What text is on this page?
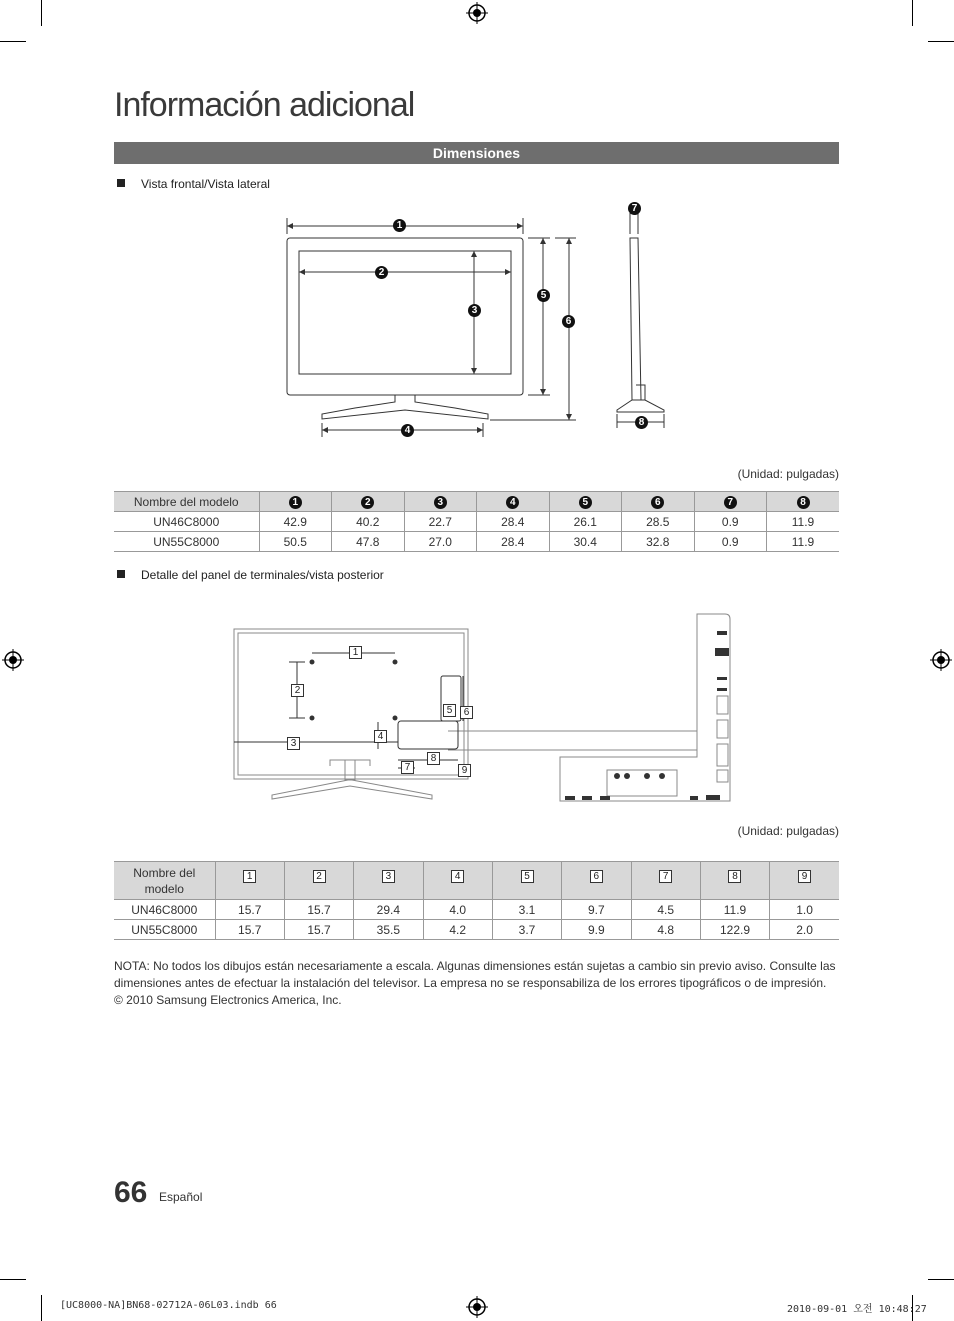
Información adicional
Dimensiones
Vista frontal/Vista lateral
1
2
3
4
5
6
7
8
(Unidad: pulgadas)
Nombre del modelo	1	2	3	4	5	6	7	8
UN46C8000	42.9	40.2	22.7	28.4	26.1	28.5	0.9	11.9
UN55C8000	50.5	47.8	27.0	28.4	30.4	32.8	0.9	11.9
Detalle del panel de terminales/vista posterior
1
2
3
4
5	6
7
8
9
(Unidad: pulgadas)
Nombre del modelo	1	2	3	4	5	6	7	8	9
UN46C8000	15.7	15.7	29.4	4.0	3.1	9.7	4.5	11.9	1.0
UN55C8000	15.7	15.7	35.5	4.2	3.7	9.9	4.8	122.9	2.0
NOTA: No todos los dibujos están necesariamente a escala. Algunas dimensiones están sujetas a cambio sin previo aviso. Consulte las
dimensiones antes de efectuar la instalación del televisor. La empresa no se responsabiliza de los errores tipográficos o de impresión.
© 2010 Samsung Electronics America, Inc.
66 Español
[UC8000-NA]BN68-02712A-06L03.indb 66	2010-09-01 오전 10:48:27
